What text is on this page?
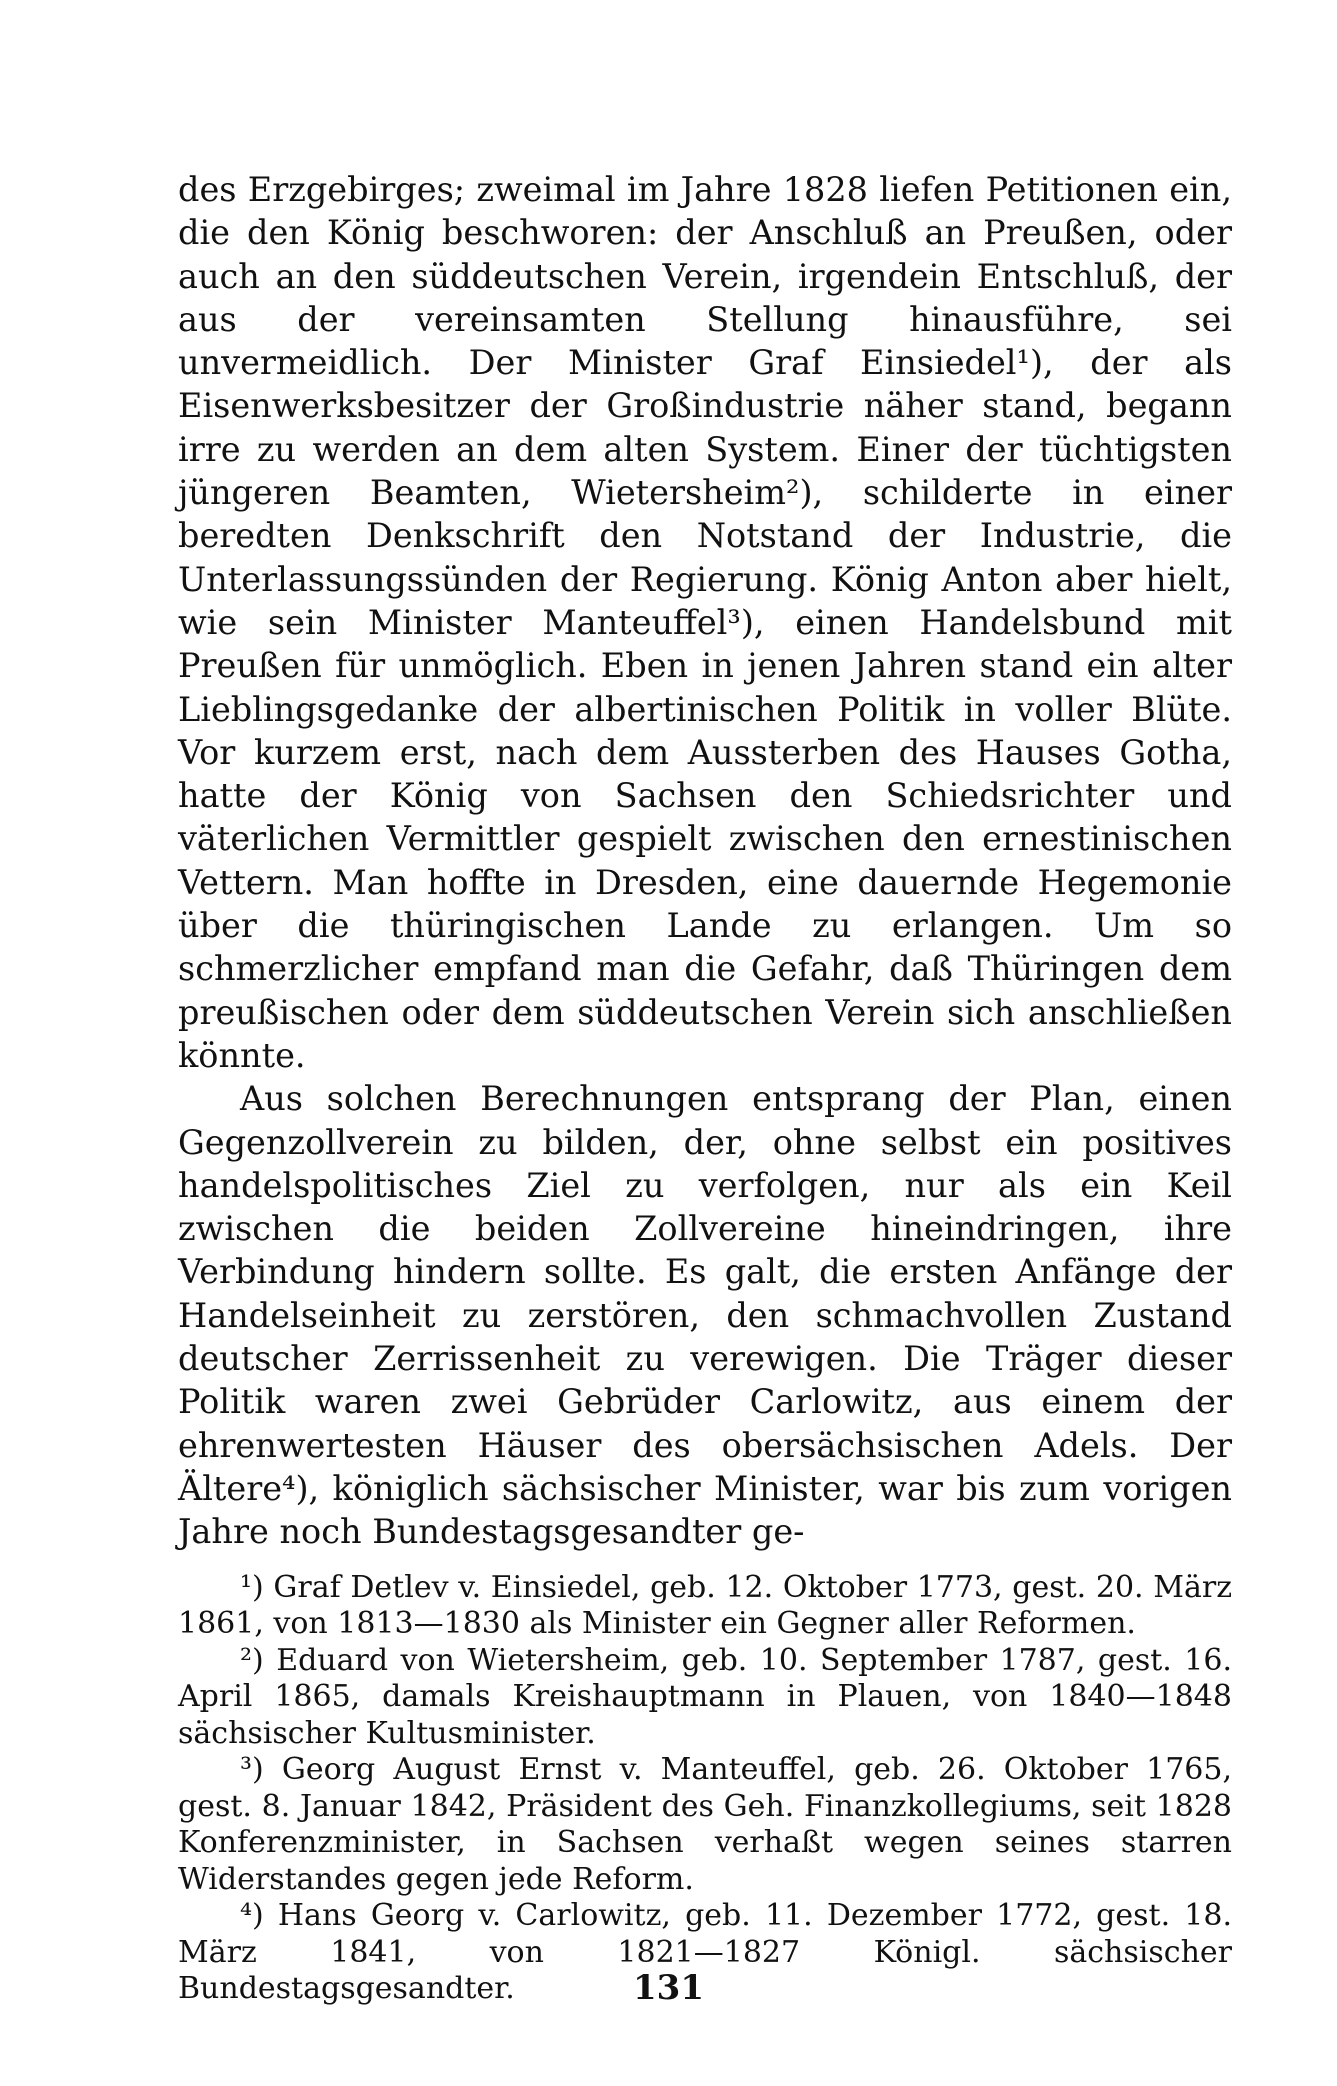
des Erzgebirges; zweimal im Jahre 1828 liefen Petitionen ein, die den König beschworen: der Anschluß an Preußen, oder auch an den süddeutschen Verein, irgendein Entschluß, der aus der vereinsamten Stellung hinausführe, sei unvermeidlich. Der Minister Graf Einsiedel¹), der als Eisenwerksbesitzer der Großindustrie näher stand, begann irre zu werden an dem alten System. Einer der tüchtigsten jüngeren Beamten, Wietersheim²), schilderte in einer beredten Denkschrift den Notstand der Industrie, die Unterlassungssünden der Regierung. König Anton aber hielt, wie sein Minister Manteuffel³), einen Handelsbund mit Preußen für unmöglich. Eben in jenen Jahren stand ein alter Lieblingsgedanke der albertinischen Politik in voller Blüte. Vor kurzem erst, nach dem Aussterben des Hauses Gotha, hatte der König von Sachsen den Schiedsrichter und väterlichen Vermittler gespielt zwischen den ernestinischen Vettern. Man hoffte in Dresden, eine dauernde Hegemonie über die thüringischen Lande zu erlangen. Um so schmerzlicher empfand man die Gefahr, daß Thüringen dem preußischen oder dem süddeutschen Verein sich anschließen könnte.

Aus solchen Berechnungen entsprang der Plan, einen Gegenzollverein zu bilden, der, ohne selbst ein positives handelspolitisches Ziel zu verfolgen, nur als ein Keil zwischen die beiden Zollvereine hineindringen, ihre Verbindung hindern sollte. Es galt, die ersten Anfänge der Handelseinheit zu zerstören, den schmachvollen Zustand deutscher Zerrissenheit zu verewigen. Die Träger dieser Politik waren zwei Gebrüder Carlowitz, aus einem der ehrenwertesten Häuser des obersächsischen Adels. Der Ältere⁴), königlich sächsischer Minister, war bis zum vorigen Jahre noch Bundestagsgesandter ge-

¹) Graf Detlev v. Einsiedel, geb. 12. Oktober 1773, gest. 20. März 1861, von 1813—1830 als Minister ein Gegner aller Reformen.

²) Eduard von Wietersheim, geb. 10. September 1787, gest. 16. April 1865, damals Kreishauptmann in Plauen, von 1840—1848 sächsischer Kultusminister.

³) Georg August Ernst v. Manteuffel, geb. 26. Oktober 1765, gest. 8. Januar 1842, Präsident des Geh. Finanzkollegiums, seit 1828 Konferenzminister, in Sachsen verhaßt wegen seines starren Widerstandes gegen jede Reform.

⁴) Hans Georg v. Carlowitz, geb. 11. Dezember 1772, gest. 18. März 1841, von 1821—1827 Königl. sächsischer Bundestagsgesandter.	131
